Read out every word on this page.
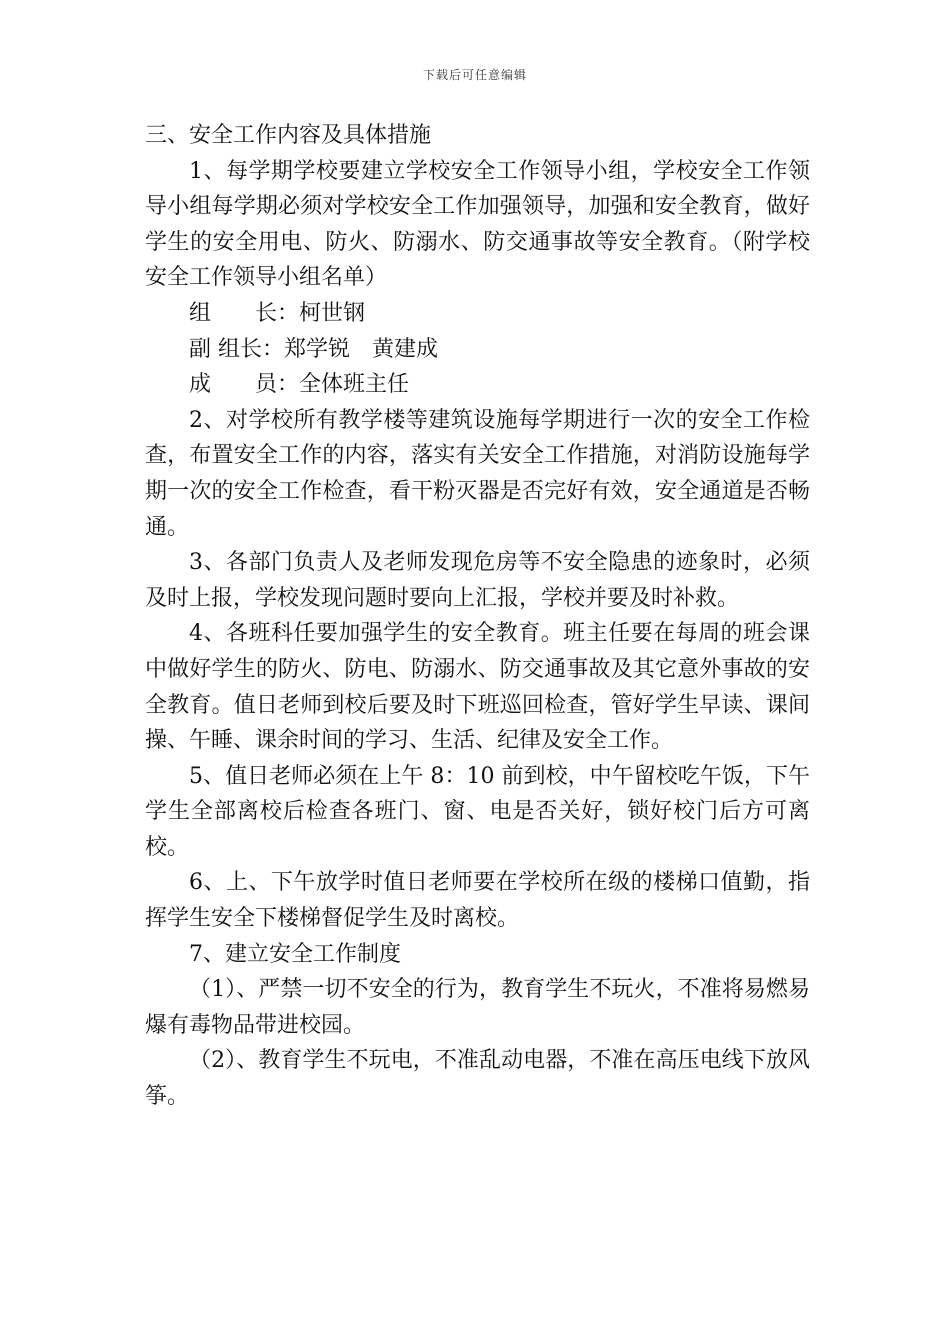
下载后可任意编辑

三、安全工作内容及具体措施

1、每学期学校要建立学校安全工作领导小组，学校安全工作领导小组每学期必须对学校安全工作加强领导，加强和安全教育，做好学生的安全用电、防火、防溺水、防交通事故等安全教育。（附学校安全工作领导小组名单）

组　　长：柯世钢

副 组长：郑学锐　黄建成

成　　员：全体班主任

2、对学校所有教学楼等建筑设施每学期进行一次的安全工作检查，布置安全工作的内容，落实有关安全工作措施，对消防设施每学期一次的安全工作检查，看干粉灭器是否完好有效，安全通道是否畅通。

3、各部门负责人及老师发现危房等不安全隐患的迹象时，必须及时上报，学校发现问题时要向上汇报，学校并要及时补救。

4、各班科任要加强学生的安全教育。班主任要在每周的班会课中做好学生的防火、防电、防溺水、防交通事故及其它意外事故的安全教育。值日老师到校后要及时下班巡回检查，管好学生早读、课间操、午睡、课余时间的学习、生活、纪律及安全工作。

5、值日老师必须在上午 8：10 前到校，中午留校吃午饭，下午学生全部离校后检查各班门、窗、电是否关好，锁好校门后方可离校。

6、上、下午放学时值日老师要在学校所在级的楼梯口值勤，指挥学生安全下楼梯督促学生及时离校。

7、建立安全工作制度

（1）、严禁一切不安全的行为，教育学生不玩火，不准将易燃易爆有毒物品带进校园。

（2）、教育学生不玩电，不准乱动电器，不准在高压电线下放风筝。
